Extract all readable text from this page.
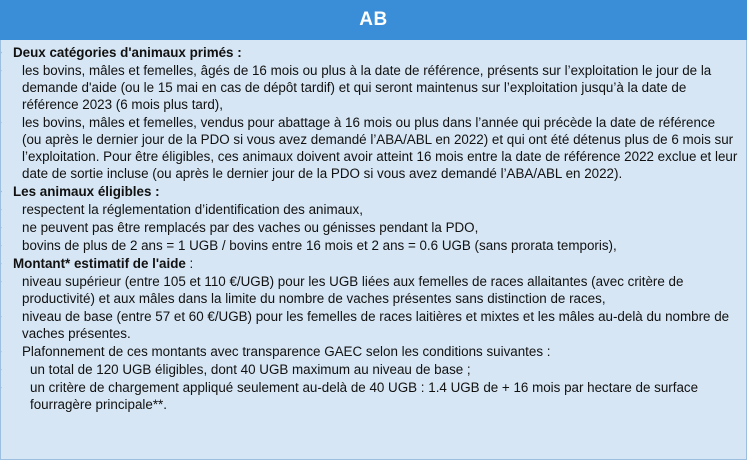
AB
• Deux catégories d'animaux primés :
• les bovins, mâles et femelles, âgés de 16 mois ou plus à la date de référence, présents sur l’exploitation le jour de la demande d'aide (ou le 15 mai en cas de dépôt tardif) et qui seront maintenus sur l’exploitation jusqu’à la date de référence 2023 (6 mois plus tard),
• les bovins, mâles et femelles, vendus pour abattage à 16 mois ou plus dans l’année qui précède la date de référence (ou après le dernier jour de la PDO si vous avez demandé l’ABA/ABL en 2022) et qui ont été détenus plus de 6 mois sur l’exploitation. Pour être éligibles, ces animaux doivent avoir atteint 16 mois entre la date de référence 2022 exclue et leur date de sortie incluse (ou après le dernier jour de la PDO si vous avez demandé l’ABA/ABL en 2022).
• Les animaux éligibles :
• respectent la réglementation d’identification des animaux,
• ne peuvent pas être remplacés par des vaches ou génisses pendant la PDO,
• bovins de plus de 2 ans = 1 UGB / bovins entre 16 mois et 2 ans = 0.6 UGB (sans prorata temporis),
• Montant* estimatif de l'aide :
• niveau supérieur (entre 105 et 110 €/UGB) pour les UGB liées aux femelles de races allaitantes (avec critère de productivité) et aux mâles dans la limite du nombre de vaches présentes sans distinction de races,
• niveau de base (entre 57 et 60 €/UGB) pour les femelles de races laitières et mixtes et les mâles au-delà du nombre de vaches présentes.
• Plafonnement de ces montants avec transparence GAEC selon les conditions suivantes :
• un total de 120 UGB éligibles, dont 40 UGB maximum au niveau de base ;
• un critère de chargement appliqué seulement au-delà de 40 UGB : 1.4 UGB de + 16 mois par hectare de surface fourragère principale**.
